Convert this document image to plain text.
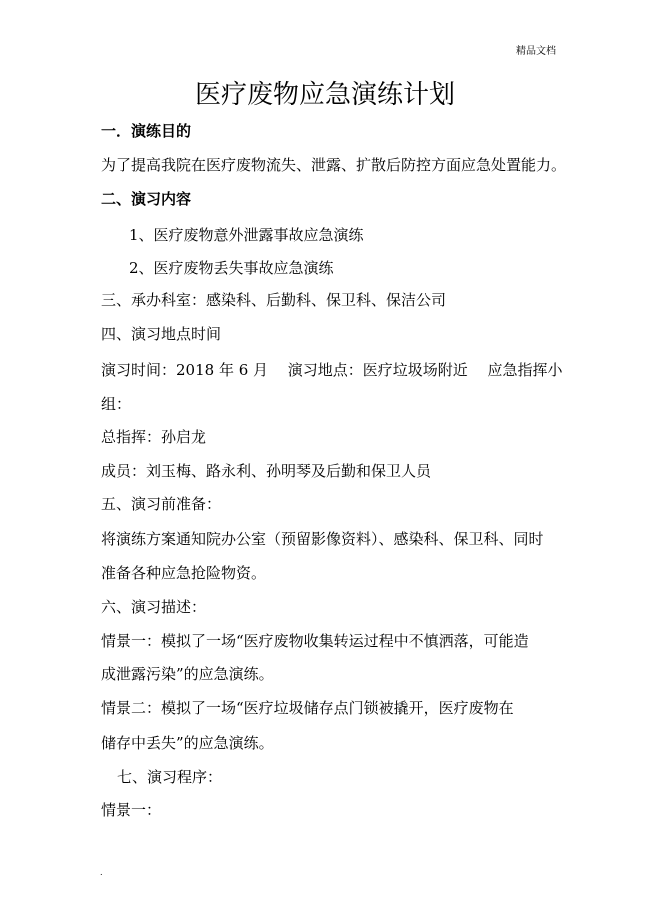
精品文档
医疗废物应急演练计划
一．演练目的
为了提高我院在医疗废物流失、泄露、扩散后防控方面应急处置能力。
二、演习内容
1、医疗废物意外泄露事故应急演练
2、医疗废物丢失事故应急演练
三、承办科室：感染科、后勤科、保卫科、保洁公司
四、演习地点时间
演习时间：2018 年 6 月 　演习地点：医疗垃圾场附近 　应急指挥小
组：
总指挥：孙启龙
成员：刘玉梅、路永利、孙明琴及后勤和保卫人员
五、演习前准备：
将演练方案通知院办公室（预留影像资料）、感染科、保卫科、同时
准备各种应急抢险物资。
六、演习描述：
情景一：模拟了一场“医疗废物收集转运过程中不慎洒落，可能造
成泄露污染”的应急演练。
情景二：模拟了一场“医疗垃圾储存点门锁被撬开，医疗废物在
储存中丢失”的应急演练。
七、演习程序：
情景一：
.
